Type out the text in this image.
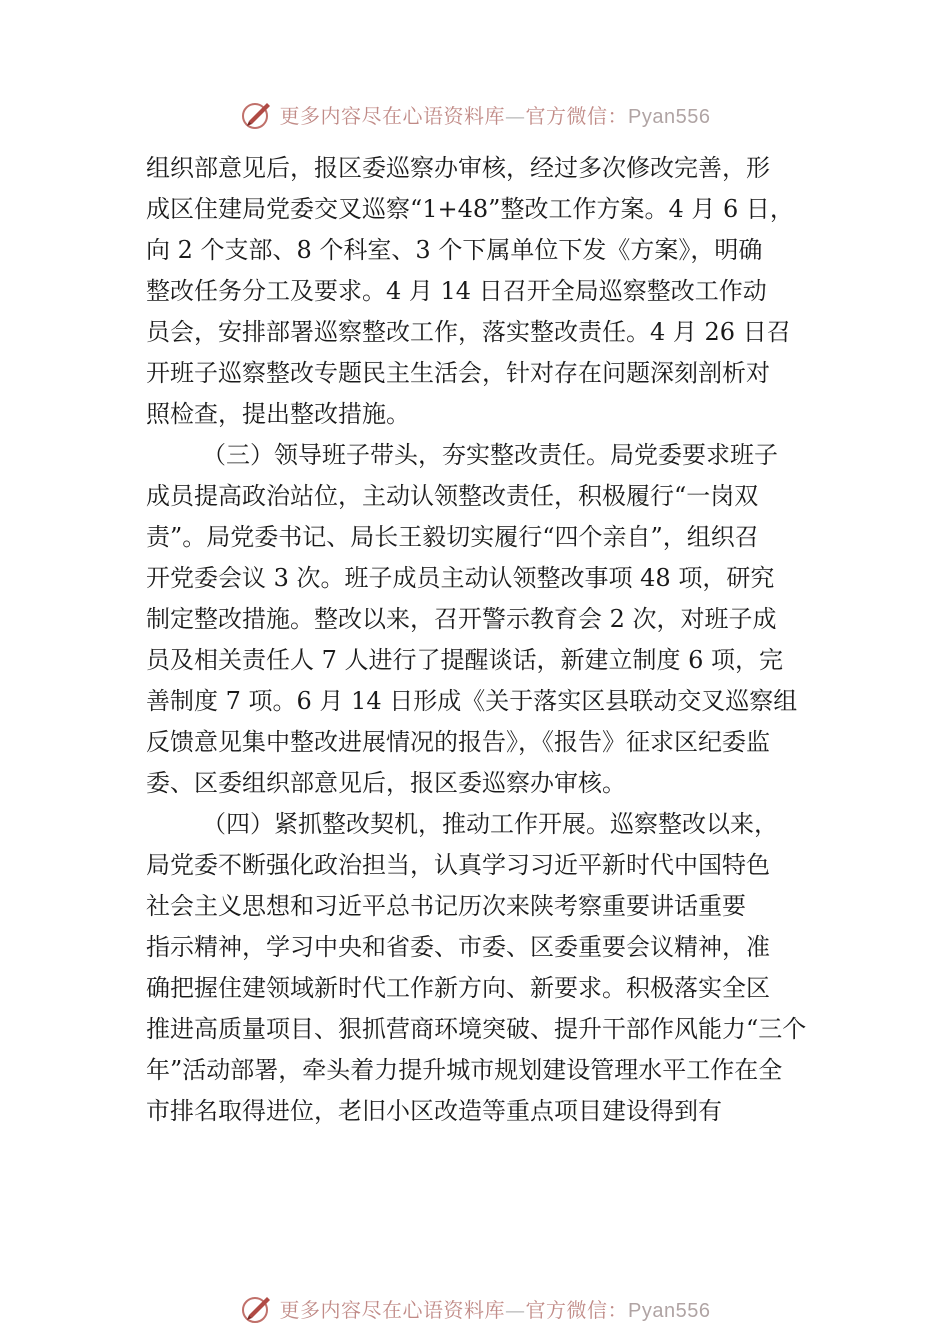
更多内容尽在心语资料库—官方微信：Pyan556
组织部意见后，报区委巡察办审核，经过多次修改完善，形
成区住建局党委交叉巡察“1+48”整改工作方案。4 月 6 日，
向 2 个支部、8 个科室、3 个下属单位下发《方案》，明确
整改任务分工及要求。4 月 14 日召开全局巡察整改工作动
员会，安排部署巡察整改工作，落实整改责任。4 月 26 日召
开班子巡察整改专题民主生活会，针对存在问题深刻剖析对
照检查，提出整改措施。
（三）领导班子带头，夯实整改责任。局党委要求班子
成员提高政治站位，主动认领整改责任，积极履行“一岗双
责”。局党委书记、局长王毅切实履行“四个亲自”，组织召
开党委会议 3 次。班子成员主动认领整改事项 48 项，研究
制定整改措施。整改以来，召开警示教育会 2 次，对班子成
员及相关责任人 7 人进行了提醒谈话，新建立制度 6 项，完
善制度 7 项。6 月 14 日形成《关于落实区县联动交叉巡察组
反馈意见集中整改进展情况的报告》，《报告》征求区纪委监
委、区委组织部意见后，报区委巡察办审核。
（四）紧抓整改契机，推动工作开展。巡察整改以来，
局党委不断强化政治担当，认真学习习近平新时代中国特色
社会主义思想和习近平总书记历次来陕考察重要讲话重要
指示精神，学习中央和省委、市委、区委重要会议精神，准
确把握住建领域新时代工作新方向、新要求。积极落实全区
推进高质量项目、狠抓营商环境突破、提升干部作风能力“三个
年”活动部署，牵头着力提升城市规划建设管理水平工作在全
市排名取得进位，老旧小区改造等重点项目建设得到有
更多内容尽在心语资料库—官方微信：Pyan556
